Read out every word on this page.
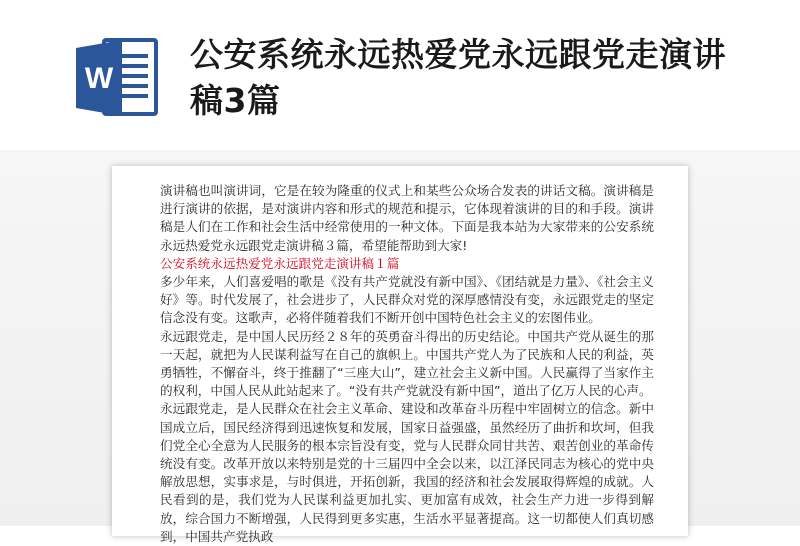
W
公安系统永远热爱党永远跟党走演讲稿3篇

演讲稿也叫演讲词，它是在较为隆重的仪式上和某些公众场合发表的讲话文稿。演讲稿是进行演讲的依据，是对演讲内容和形式的规范和提示，它体现着演讲的目的和手段。演讲稿是人们在工作和社会生活中经常使用的一种文体。下面是我本站为大家带来的公安系统永远热爱党永远跟党走演讲稿３篇，希望能帮助到大家!

公安系统永远热爱党永远跟党走演讲稿１篇

多少年来，人们喜爱唱的歌是《没有共产党就没有新中国》、《团结就是力量》、《社会主义好》等。时代发展了，社会进步了，人民群众对党的深厚感情没有变，永远跟党走的坚定信念没有变。这歌声，必将伴随着我们不断开创中国特色社会主义的宏图伟业。

永远跟党走，是中国人民历经２８年的英勇奋斗得出的历史结论。中国共产党从诞生的那一天起，就把为人民谋利益写在自己的旗帜上。中国共产党人为了民族和人民的利益，英勇牺牲，不懈奋斗，终于推翻了“三座大山”，建立社会主义新中国。人民赢得了当家作主的权利，中国人民从此站起来了。“没有共产党就没有新中国”，道出了亿万人民的心声。

永远跟党走，是人民群众在社会主义革命、建设和改革奋斗历程中牢固树立的信念。新中国成立后，国民经济得到迅速恢复和发展，国家日益强盛，虽然经历了曲折和坎坷，但我们党全心全意为人民服务的根本宗旨没有变，党与人民群众同甘共苦、艰苦创业的革命传统没有变。改革开放以来特别是党的十三届四中全会以来，以江泽民同志为核心的党中央解放思想，实事求是，与时俱进，开拓创新，我国的经济和社会发展取得辉煌的成就。人民看到的是，我们党为人民谋利益更加扎实、更加富有成效，社会生产力进一步得到解放，综合国力不断增强，人民得到更多实惠，生活水平显著提高。这一切都使人们真切感到，中国共产党执政
